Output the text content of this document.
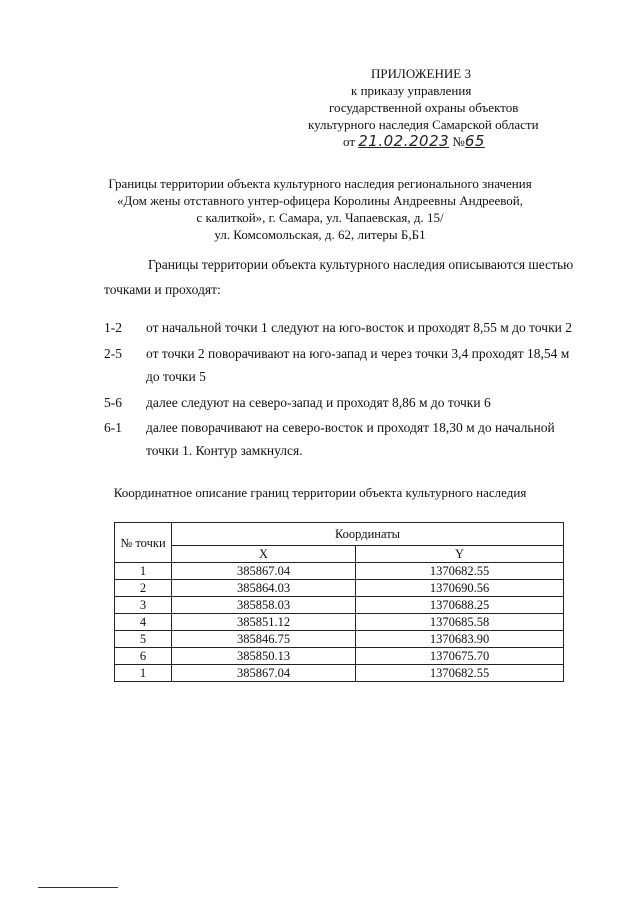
ПРИЛОЖЕНИЕ 3
к приказу управления
государственной охраны объектов
культурного наследия Самарской области
от 21.02.2023 №65
Границы территории объекта культурного наследия регионального значения
«Дом жены отставного унтер-офицера Королины Андреевны Андреевой,
с калиткой», г. Самара, ул. Чапаевская, д. 15/
ул. Комсомольская, д. 62, литеры Б,Б1
Границы территории объекта культурного наследия описываются шестью
точками и проходят:
1-2 от начальной точки 1 следуют на юго-восток и проходят 8,55 м до точки 2
2-5 от точки 2 поворачивают на юго-запад и через точки 3,4 проходят 18,54 м
до точки 5
5-6 далее следуют на северо-запад и проходят 8,86 м до точки 6
6-1 далее поворачивают на северо-восток и проходят 18,30 м до начальной
точки 1. Контур замкнулся.
Координатное описание границ территории объекта культурного наследия
№ точки	Координаты	
	X	Y
1	385867.04	1370682.55
2	385864.03	1370690.56
3	385858.03	1370688.25
4	385851.12	1370685.58
5	385846.75	1370683.90
6	385850.13	1370675.70
1	385867.04	1370682.55
